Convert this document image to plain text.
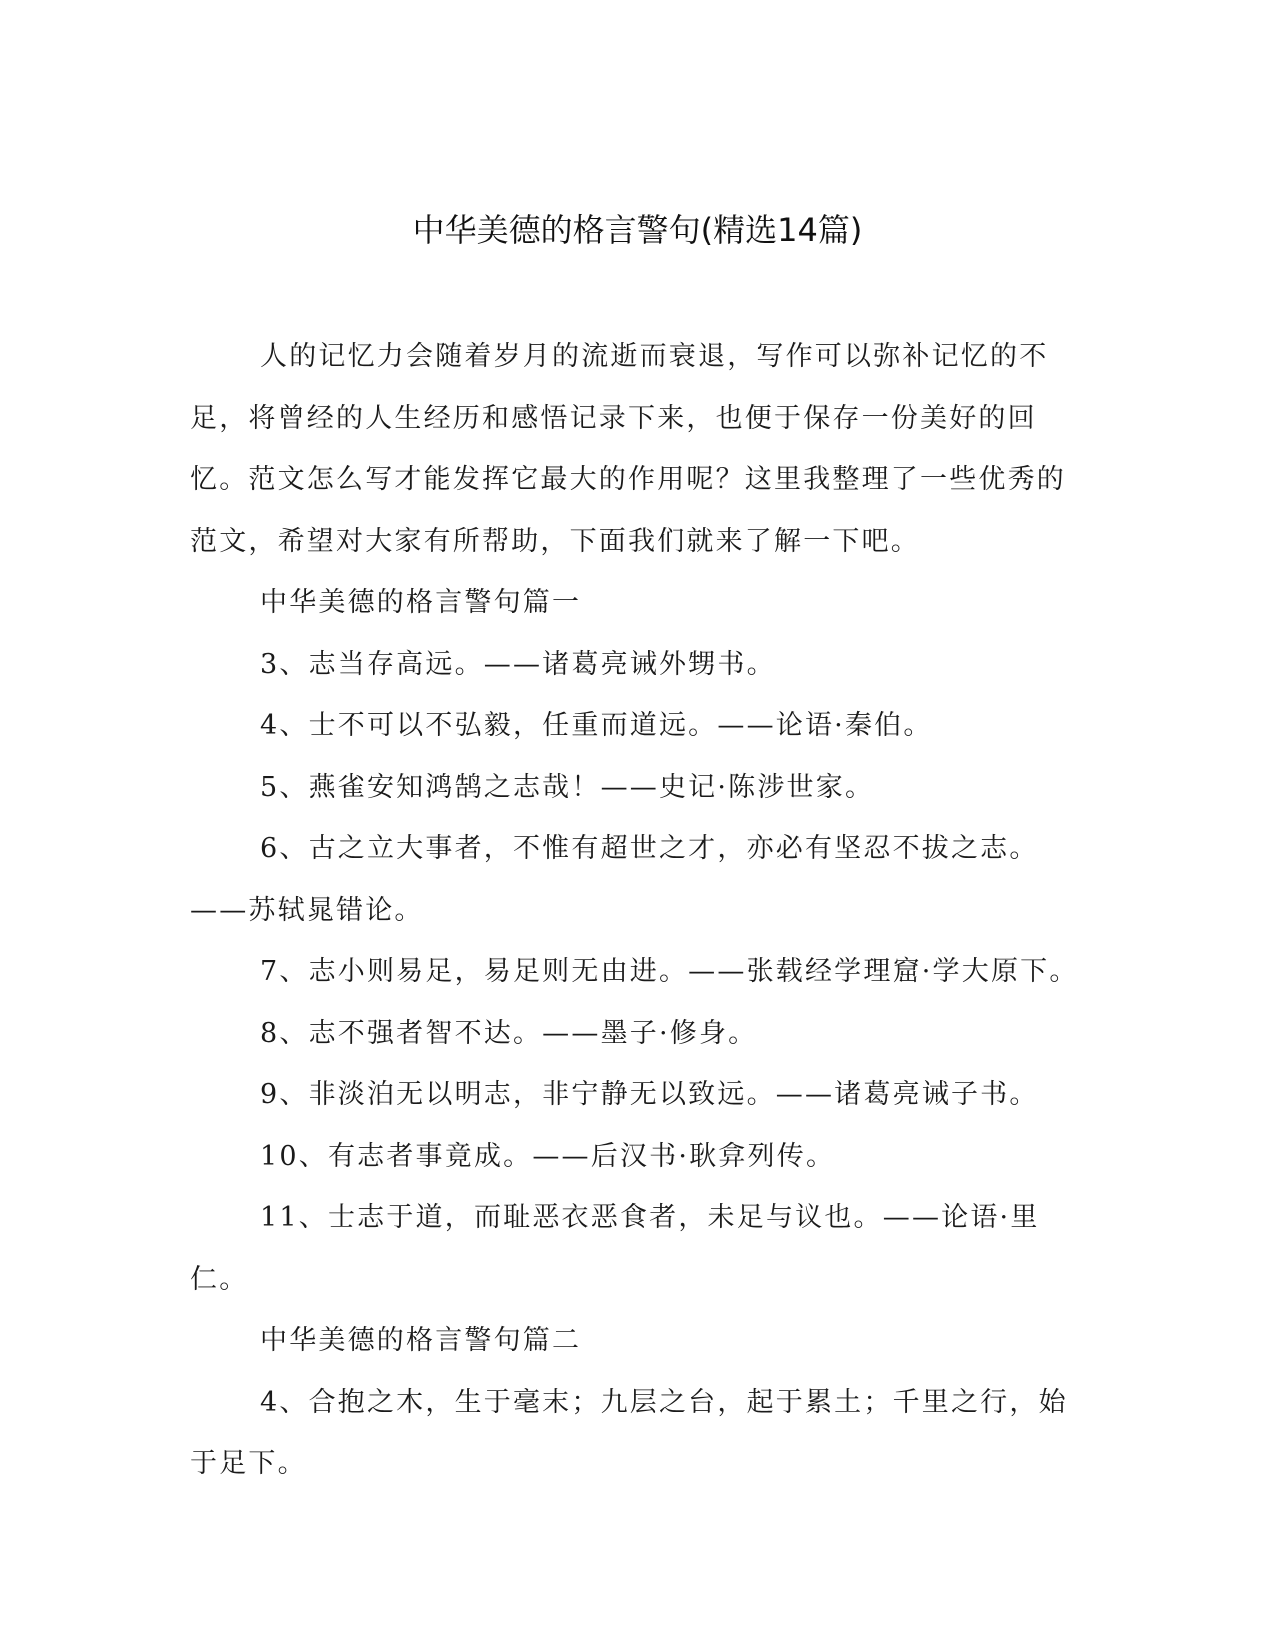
中华美德的格言警句(精选14篇)

人的记忆力会随着岁月的流逝而衰退，写作可以弥补记忆的不足，将曾经的人生经历和感悟记录下来，也便于保存一份美好的回忆。范文怎么写才能发挥它最大的作用呢？这里我整理了一些优秀的范文，希望对大家有所帮助，下面我们就来了解一下吧。

中华美德的格言警句篇一

3、志当存高远。——诸葛亮诫外甥书。

4、士不可以不弘毅，任重而道远。——论语·秦伯。

5、燕雀安知鸿鹄之志哉！——史记·陈涉世家。

6、古之立大事者，不惟有超世之才，亦必有坚忍不拔之志。——苏轼晁错论。

7、志小则易足，易足则无由进。——张载经学理窟·学大原下。

8、志不强者智不达。——墨子·修身。

9、非淡泊无以明志，非宁静无以致远。——诸葛亮诫子书。

10、有志者事竟成。——后汉书·耿弇列传。

11、士志于道，而耻恶衣恶食者，未足与议也。——论语·里仁。

中华美德的格言警句篇二

4、合抱之木，生于毫末；九层之台，起于累土；千里之行，始于足下。
